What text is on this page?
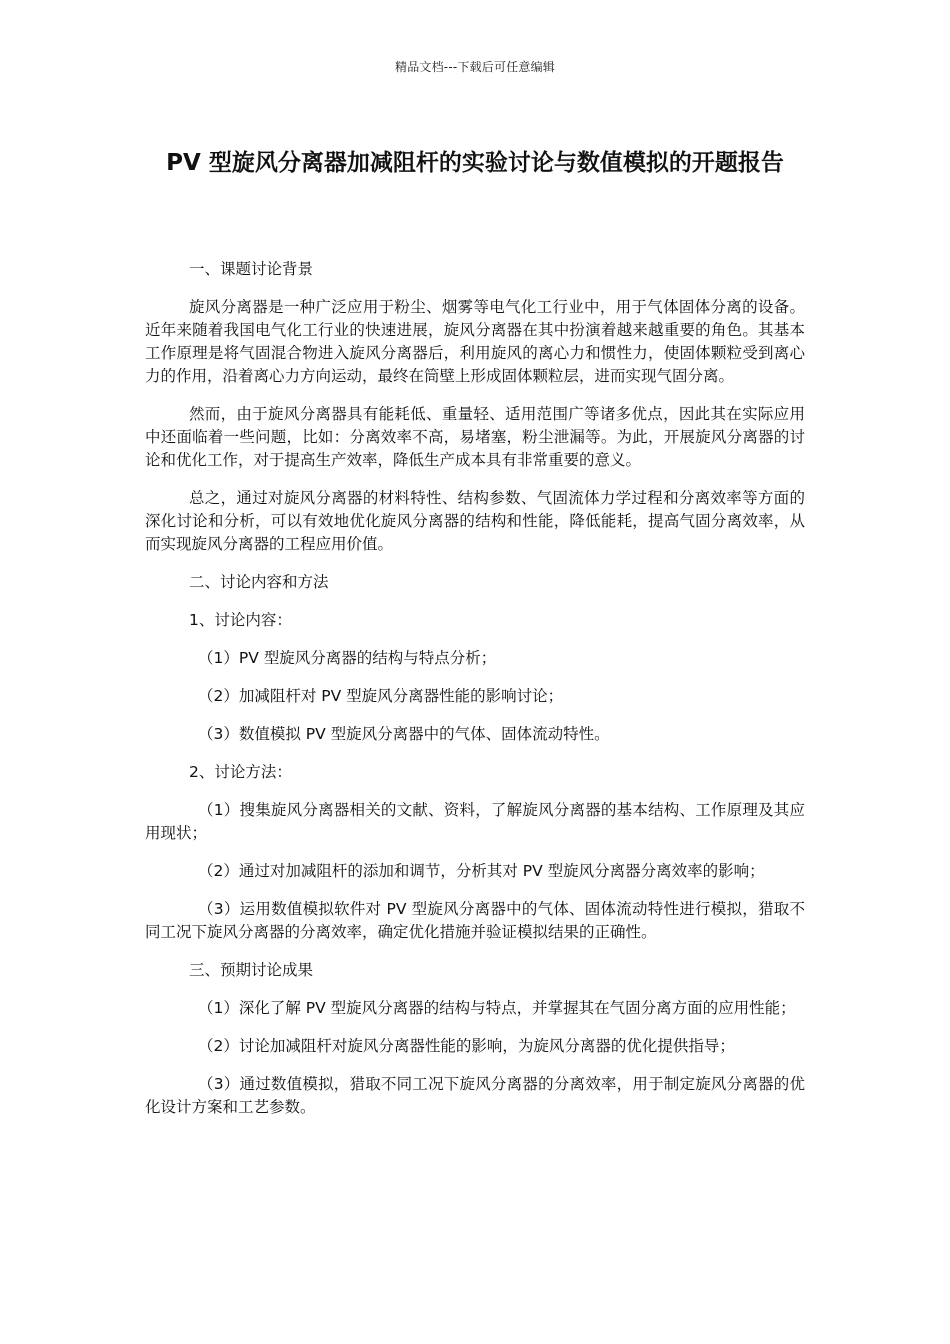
精品文档---下载后可任意编辑
PV 型旋风分离器加减阻杆的实验讨论与数值模拟的开题报告

一、课题讨论背景

旋风分离器是一种广泛应用于粉尘、烟雾等电气化工行业中，用于气体固体分离的设备。近年来随着我国电气化工行业的快速进展，旋风分离器在其中扮演着越来越重要的角色。其基本工作原理是将气固混合物进入旋风分离器后，利用旋风的离心力和惯性力，使固体颗粒受到离心力的作用，沿着离心力方向运动，最终在筒壁上形成固体颗粒层，进而实现气固分离。

然而，由于旋风分离器具有能耗低、重量轻、适用范围广等诸多优点，因此其在实际应用中还面临着一些问题，比如：分离效率不高，易堵塞，粉尘泄漏等。为此，开展旋风分离器的讨论和优化工作，对于提高生产效率，降低生产成本具有非常重要的意义。

总之，通过对旋风分离器的材料特性、结构参数、气固流体力学过程和分离效率等方面的深化讨论和分析，可以有效地优化旋风分离器的结构和性能，降低能耗，提高气固分离效率，从而实现旋风分离器的工程应用价值。

二、讨论内容和方法

1、讨论内容：

（1）PV 型旋风分离器的结构与特点分析；

（2）加减阻杆对 PV 型旋风分离器性能的影响讨论；

（3）数值模拟 PV 型旋风分离器中的气体、固体流动特性。

2、讨论方法：

（1）搜集旋风分离器相关的文献、资料，了解旋风分离器的基本结构、工作原理及其应用现状；

（2）通过对加减阻杆的添加和调节，分析其对 PV 型旋风分离器分离效率的影响；

（3）运用数值模拟软件对 PV 型旋风分离器中的气体、固体流动特性进行模拟，猎取不同工况下旋风分离器的分离效率，确定优化措施并验证模拟结果的正确性。

三、预期讨论成果

（1）深化了解 PV 型旋风分离器的结构与特点，并掌握其在气固分离方面的应用性能；

（2）讨论加减阻杆对旋风分离器性能的影响，为旋风分离器的优化提供指导；

（3）通过数值模拟，猎取不同工况下旋风分离器的分离效率，用于制定旋风分离器的优化设计方案和工艺参数。
